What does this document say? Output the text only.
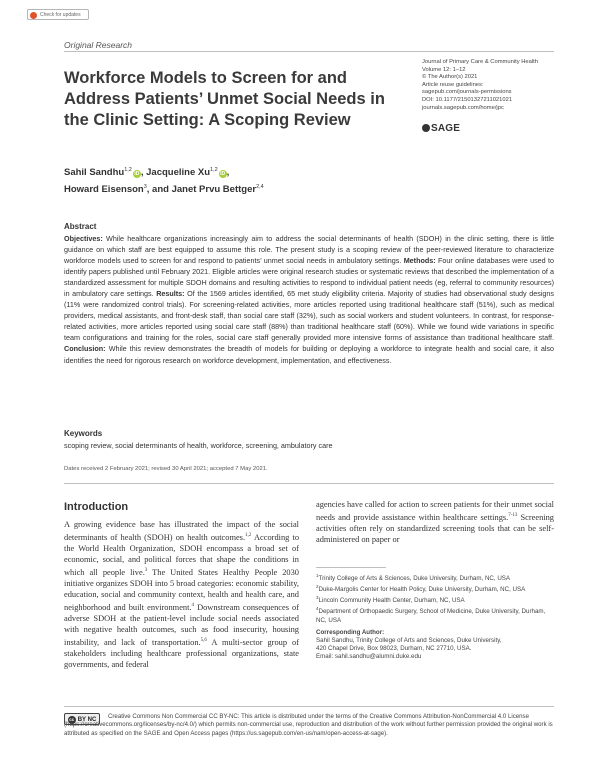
Check for updates
Original Research
Workforce Models to Screen for and Address Patients’ Unmet Social Needs in the Clinic Setting: A Scoping Review
Journal of Primary Care & Community Health
Volume 12: 1–12
© The Author(s) 2021
Article reuse guidelines:
sagepub.com/journals-permissions
DOI: 10.1177/21501327211021021
journals.sagepub.com/home/jpc
SAGE
Sahil Sandhu$^{1,2}$iD , Jacqueline Xu$^{1,2}$iD ,
Howard Eisenson$^3$, and Janet Prvu Bettger$^{2,4}$
Abstract

Objectives: While healthcare organizations increasingly aim to address the social determinants of health (SDOH) in the clinic setting, there is little guidance on which staff are best equipped to assume this role. The present study is a scoping review of the peer-reviewed literature to characterize workforce models used to screen for and respond to patients’ unmet social needs in ambulatory settings. Methods: Four online databases were used to identify papers published until February 2021. Eligible articles were original research studies or systematic reviews that described the implementation of a standardized assessment for multiple SDOH domains and resulting activities to respond to individual patient needs (eg, referral to community resources) in ambulatory care settings. Results: Of the 1569 articles identified, 65 met study eligibility criteria. Majority of studies had observational study designs (11% were randomized control trials). For screening-related activities, more articles reported using traditional healthcare staff (51%), such as medical providers, medical assistants, and front-desk staff, than social care staff (32%), such as social workers and student volunteers. In contrast, for response-related activities, more articles reported using social care staff (88%) than traditional healthcare staff (60%). While we found wide variations in specific team configurations and training for the roles, social care staff generally provided more intensive forms of assistance than traditional healthcare staff. Conclusion: While this review demonstrates the breadth of models for building or deploying a workforce to integrate health and social care, it also identifies the need for rigorous research on workforce development, implementation, and effectiveness.

Keywords
scoping review, social determinants of health, workforce, screening, ambulatory care
Dates received 2 February 2021; revised 30 April 2021; accepted 7 May 2021.
Introduction

A growing evidence base has illustrated the impact of the social determinants of health (SDOH) on health outcomes.$^{1,2}$ According to the World Health Organization, SDOH encompass a broad set of economic, social, and political forces that shape the conditions in which all people live.$^3$ The United States Healthy People 2030 initiative organizes SDOH into 5 broad categories: economic stability, education, social and community context, health and health care, and neighborhood and built environment.$^4$ Downstream consequences of adverse SDOH at the patient-level include social needs associated with negative health outcomes, such as food insecurity, housing instability, and lack of transportation.$^{5,6}$ A multi-sector group of stakeholders including healthcare professional organizations, state governments, and federal

agencies have called for action to screen patients for their unmet social needs and provide assistance within healthcare settings.$^{7-13}$ Screening activities often rely on standardized screening tools that can be self-administered on paper or

$^1$Trinity College of Arts & Sciences, Duke University, Durham, NC, USA
$^2$Duke-Margolis Center for Health Policy, Duke University, Durham, NC, USA
$^3$Lincoln Community Health Center, Durham, NC, USA
$^4$Department of Orthopaedic Surgery, School of Medicine, Duke University, Durham, NC, USA
Corresponding Author:
Sahil Sandhu, Trinity College of Arts and Sciences, Duke University,
420 Chapel Drive, Box 98023, Durham, NC 27710, USA.
Email: sahil.sandhu@alumni.duke.edu
cc BY NC	Creative Commons Non Commercial CC BY-NC: This article is distributed under the terms of the Creative Commons Attribution-NonCommercial 4.0 License (https://creativecommons.org/licenses/by-nc/4.0/) which permits non-commercial use, reproduction and distribution of the work without further permission provided the original work is attributed as specified on the SAGE and Open Access pages (https://us.sagepub.com/en-us/nam/open-access-at-sage).
